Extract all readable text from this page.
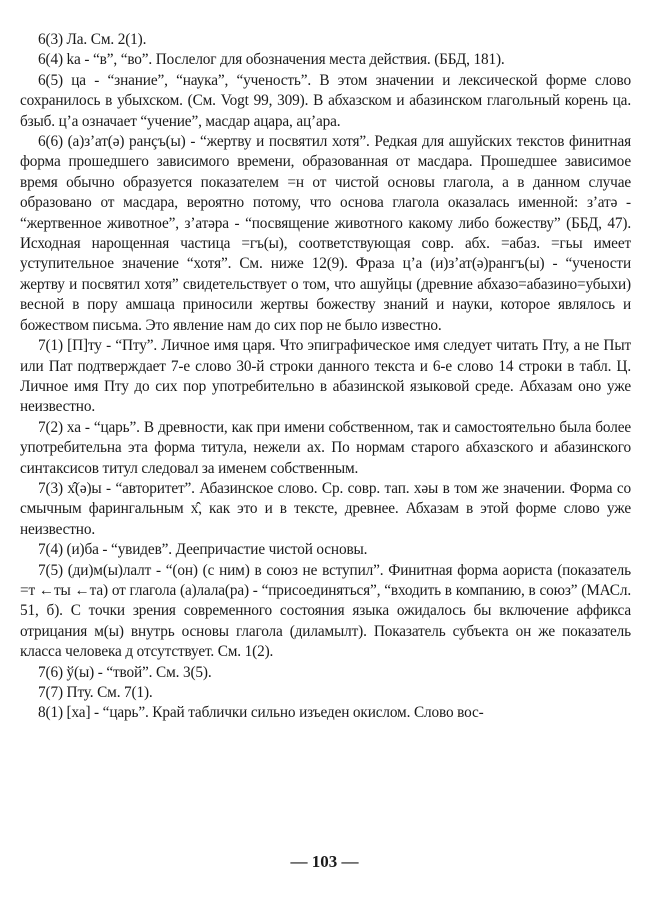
6(3) Ла. См. 2(1).

6(4) ka - “в”, “во”. Послелог для обозначения места действия. (ББД, 181).

6(5) ца - “знание”, “наука”, “ученость”. В этом значении и лексической форме слово сохранилось в убыхском. (См. Vogt 99, 309). В абхазском и абазинском глагольный корень ца. бзыб. ц’а означает “учение”, масдар ацара, ац’ара.

6(6) (а)з’ат(ə) ранçъ(ы) - “жертву и посвятил хотя”. Редкая для ашуйских текстов финитная форма прошедшего зависимого времени, образованная от масдара. Прошедшее зависимое время обычно образуется показателем =н от чистой основы глагола, а в данном случае образовано от масдара, вероятно потому, что основа глагола оказалась именной: з’атə - “жертвенное животное”, з’атəра - “посвящение животного какому либо божеству” (ББД, 47). Исходная нарощенная частица =гъ(ы), соответствующая совр. абх. =абаз. =гьы имеет уступительное значение “хотя”. См. ниже 12(9). Фраза ц’а (и)з’ат(ə)рангъ(ы) - “учености жертву и посвятил хотя” свидетельствует о том, что ашуйцы (древние абхазо=абазино=убыхи) весной в пору амшаца приносили жертвы божеству знаний и науки, которое являлось и божеством письма. Это явление нам до сих пор не было известно.

7(1) [П]ту - “Пту”. Личное имя царя. Что эпиграфическое имя следует читать Пту, а не Пыт или Пат подтверждает 7-е слово 30-й строки данного текста и 6-е слово 14 строки в табл. Ц. Личное имя Пту до сих пор употребительно в абазинской языковой среде. Абхазам оно уже неизвестно.

7(2) ха - “царь”. В древности, как при имени собственном, так и самостоятельно была более употребительна эта форма титула, нежели ах. По нормам старого абхазского и абазинского синтаксисов титул следовал за именем собственным.

7(3) х̂(ə)ы - “авторитет”. Абазинское слово. Ср. совр. тап. хəы в том же значении. Форма со смычным фарингальным х̂, как это и в тексте, древнее. Абхазам в этой форме слово уже неизвестно.

7(4) (и)ба - “увидев”. Деепричастие чистой основы.

7(5) (ди)м(ы)лалт - “(он) (с ним) в союз не вступил”. Финитная форма аориста (показатель =т ←ты ←та) от глагола (а)лала(ра) - “присоединяться”, “входить в компанию, в союз” (МАСл. 51, б). С точки зрения современного состояния языка ожидалось бы включение аффикса отрицания м(ы) внутрь основы глагола (диламылт). Показатель субъекта он же показатель класса человека д отсутствует. См. 1(2).

7(6) ў(ы) - “твой”. См. 3(5).

7(7) Пту. См. 7(1).

8(1) [ха] - “царь”. Край таблички сильно изъеден окислом. Слово вос-

— 103 —
